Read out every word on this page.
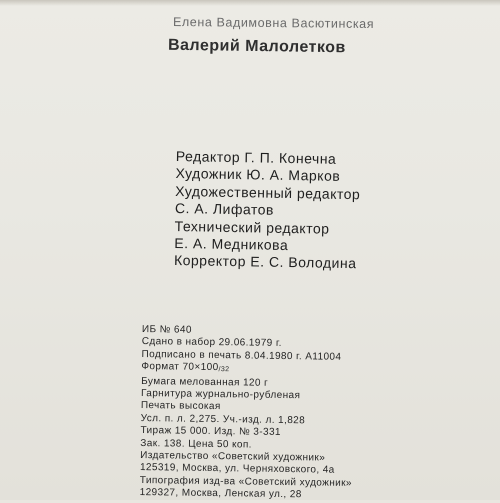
Елена Вадимовна Васютинская
Валерий Малолетков
Редактор Г. П. Конечна
Художник Ю. А. Марков
Художественный редактор
С. А. Лифатов
Технический редактор
Е. А. Медникова
Корректор Е. С. Володина
ИБ № 640
Сдано в набор 29.06.1979 г.
Подписано в печать 8.04.1980 г. А11004
Формат 70×100/32
Бумага мелованная 120 г
Гарнитура журнально-рубленая
Печать высокая
Усл. п. л. 2,275. Уч.-изд. л. 1,828
Тираж 15 000. Изд. № 3-331
Зак. 138. Цена 50 коп.
Издательство «Советский художник»
125319, Москва, ул. Черняховского, 4а
Типография изд-ва «Советский художник»
129327, Москва, Ленская ул., 28
